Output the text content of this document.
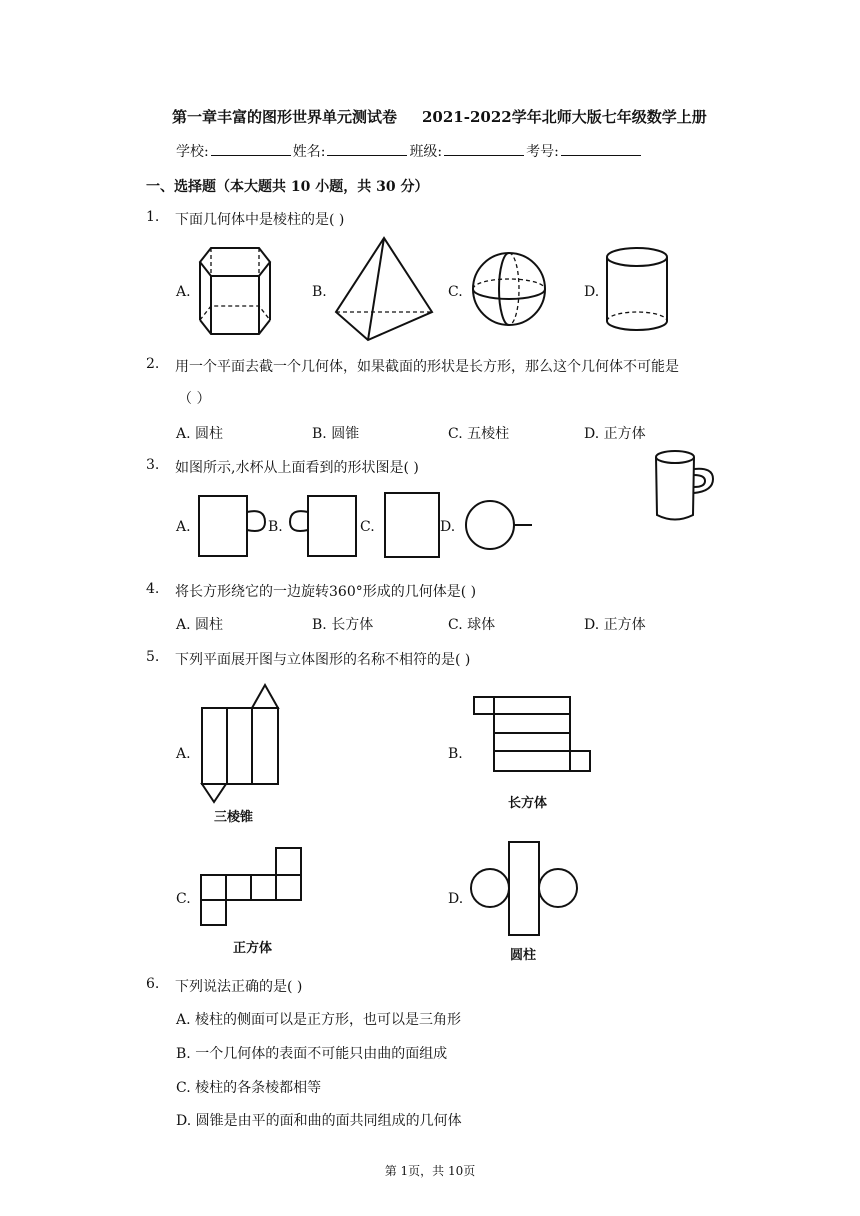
第一章丰富的图形世界单元测试卷 2021-2022学年北师大版七年级数学上册
学校:	姓名:	班级:	考号:
一、选择题（本大题共 10 小题，共 30 分）
1. 下面几何体中是棱柱的是( )
A.	B.	C.	D.
2. 用一个平面去截一个几何体，如果截面的形状是长方形，那么这个几何体不可能是
（ ）
A. 圆柱	B. 圆锥	C. 五棱柱	D. 正方体
3. 如图所示,水杯从上面看到的形状图是( )
A.	B.	C.	D.
4. 将长方形绕它的一边旋转360°形成的几何体是( )
A. 圆柱	B. 长方体	C. 球体	D. 正方体
5. 下列平面展开图与立体图形的名称不相符的是( )
A.
三棱锥
B.
长方体
C.
正方体
D.
圆柱
6. 下列说法正确的是( )
A. 棱柱的侧面可以是正方形，也可以是三角形
B. 一个几何体的表面不可能只由曲的面组成
C. 棱柱的各条棱都相等
D. 圆锥是由平的面和曲的面共同组成的几何体
第 1页，共 10页
